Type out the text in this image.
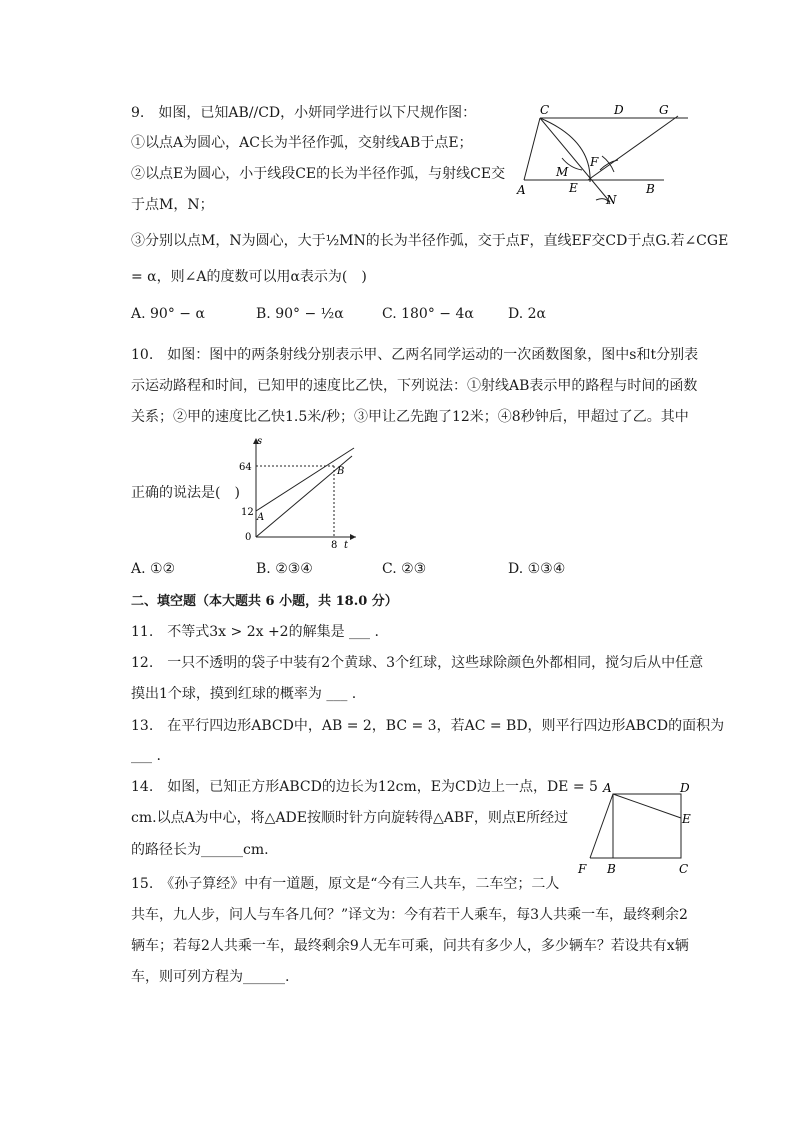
9.　如图，已知AB//CD，小妍同学进行以下尺规作图：
①以点A为圆心，AC长为半径作弧，交射线AB于点E；
②以点E为圆心，小于线段CE的长为半径作弧，与射线CE交
于点M，N；
③分别以点M，N为圆心，大于½MN的长为半径作弧，交于点F，直线EF交CD于点G.若∠CGE
= α，则∠A的度数可以用α表示为(　)
A. 90° − α	B. 90° − ½α	C. 180° − 4α D. 2α
C	D	G
F
M
A	E	B
N
10.　如图：图中的两条射线分别表示甲、乙两名同学运动的一次函数图象，图中s和t分别表
示运动路程和时间，已知甲的速度比乙快，下列说法：①射线AB表示甲的路程与时间的函数
关系；②甲的速度比乙快1.5米/秒；③甲让乙先跑了12米；④8秒钟后，甲超过了乙。其中
正确的说法是(　)
s
t
64
12
0
8
A
B
A. ①②	B. ②③④	C. ②③	D. ①③④
二、填空题（本大题共 6 小题，共 18.0 分）
11.　不等式3x > 2x +2的解集是 ___ .
12.　一只不透明的袋子中装有2个黄球、3个红球，这些球除颜色外都相同，搅匀后从中任意
摸出1个球，摸到红球的概率为 ___ .
13.　在平行四边形ABCD中，AB = 2，BC = 3，若AC = BD，则平行四边形ABCD的面积为
___ .
14.　如图，已知正方形ABCD的边长为12cm，E为CD边上一点，DE = 5
cm.以点A为中心，将△ADE按顺时针方向旋转得△ABF，则点E所经过
的路径长为______cm.
A	D
E
F B	C
15.　《孙子算经》中有一道题，原文是“今有三人共车，二车空；二人
共车，九人步，问人与车各几何？”译文为：今有若干人乘车，每3人共乘一车，最终剩余2
辆车；若每2人共乘一车，最终剩余9人无车可乘，问共有多少人，多少辆车？若设共有x辆
车，则可列方程为______.
